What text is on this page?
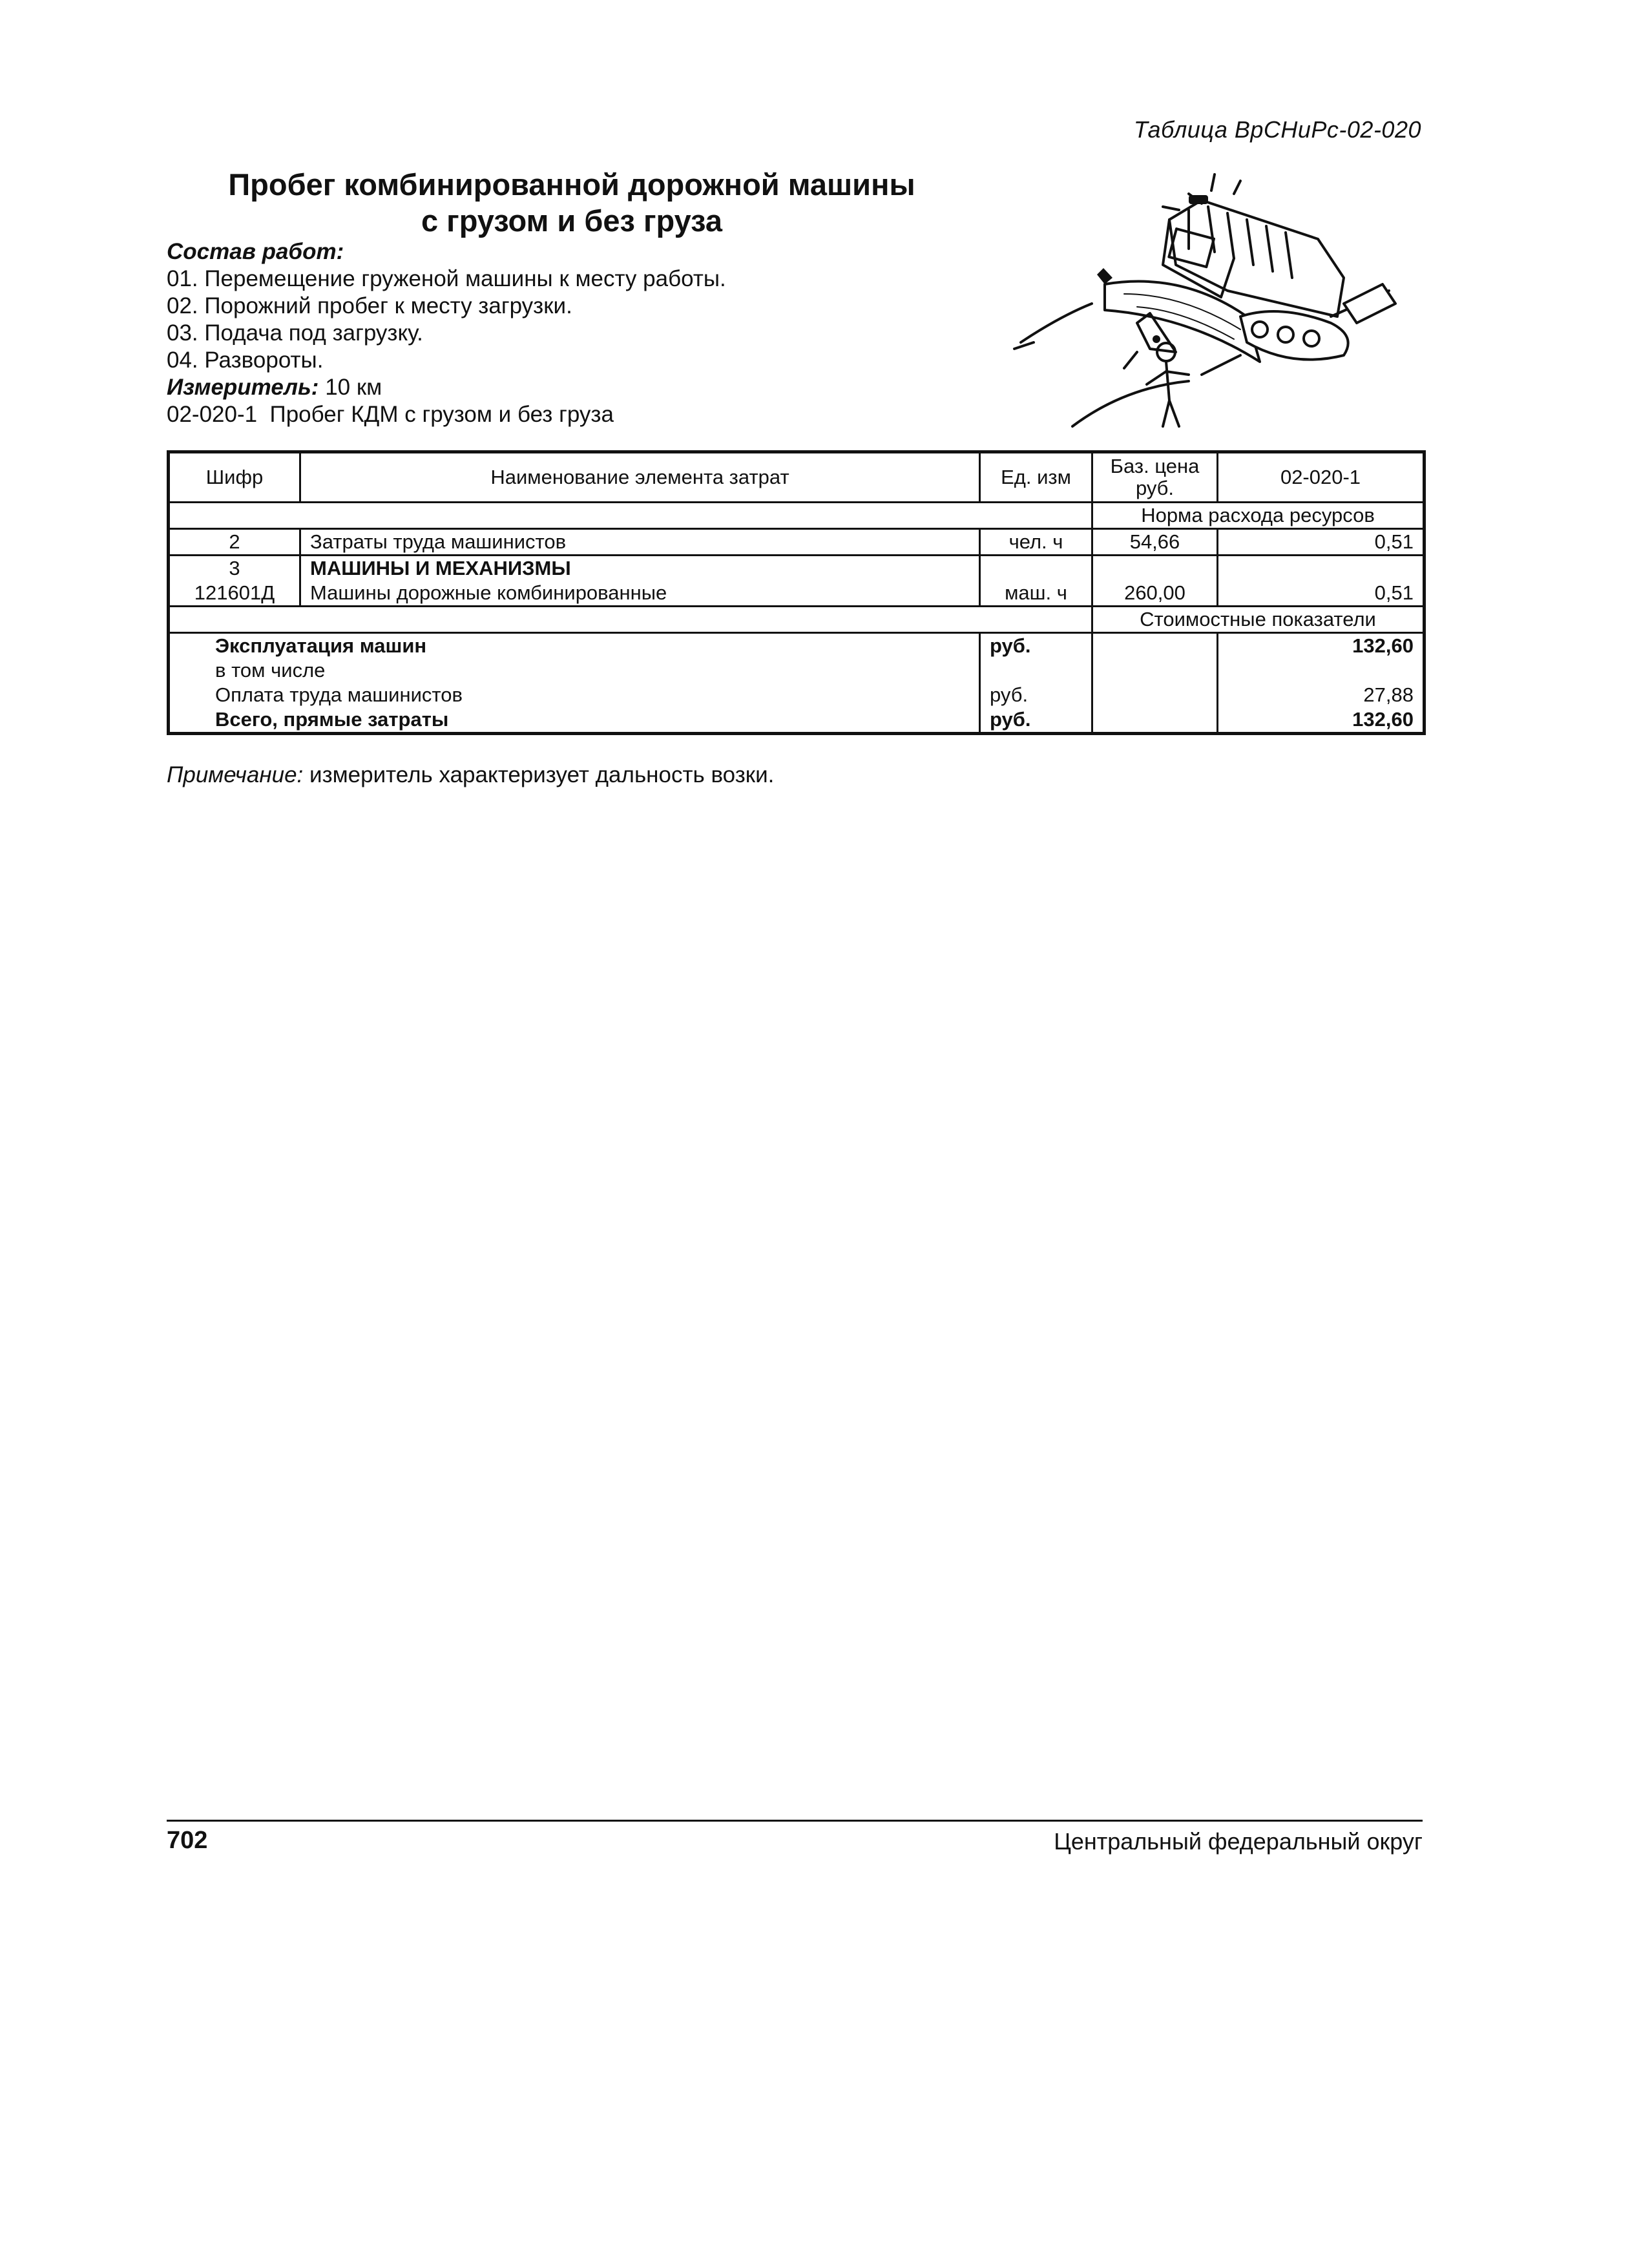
Таблица ВрСНиРс-02-020
Пробег комбинированной дорожной машины
с грузом и без груза
Состав работ:
01. Перемещение груженой машины к месту работы.
02. Порожний пробег к месту загрузки.
03. Подача под загрузку.
04. Развороты.
Измеритель: 10 км
02-020-1  Пробег КДМ с грузом и без груза
Шифр	Наименование элемента затрат	Ед. изм	Баз. цена руб.	02-020-1
			Норма расхода ресурсов	
2	Затраты труда машинистов	чел. ч	54,66	0,51
3	МАШИНЫ И МЕХАНИЗМЫ			
121601Д	Машины дорожные комбинированные	маш. ч	260,00	0,51
			Стоимостные показатели	
Эксплуатация машин		руб.		132,60
в том числе				
Оплата труда машинистов		руб.		27,88
Всего, прямые затраты		руб.		132,60
Примечание: измеритель характеризует дальность возки.
702	Центральный федеральный округ
